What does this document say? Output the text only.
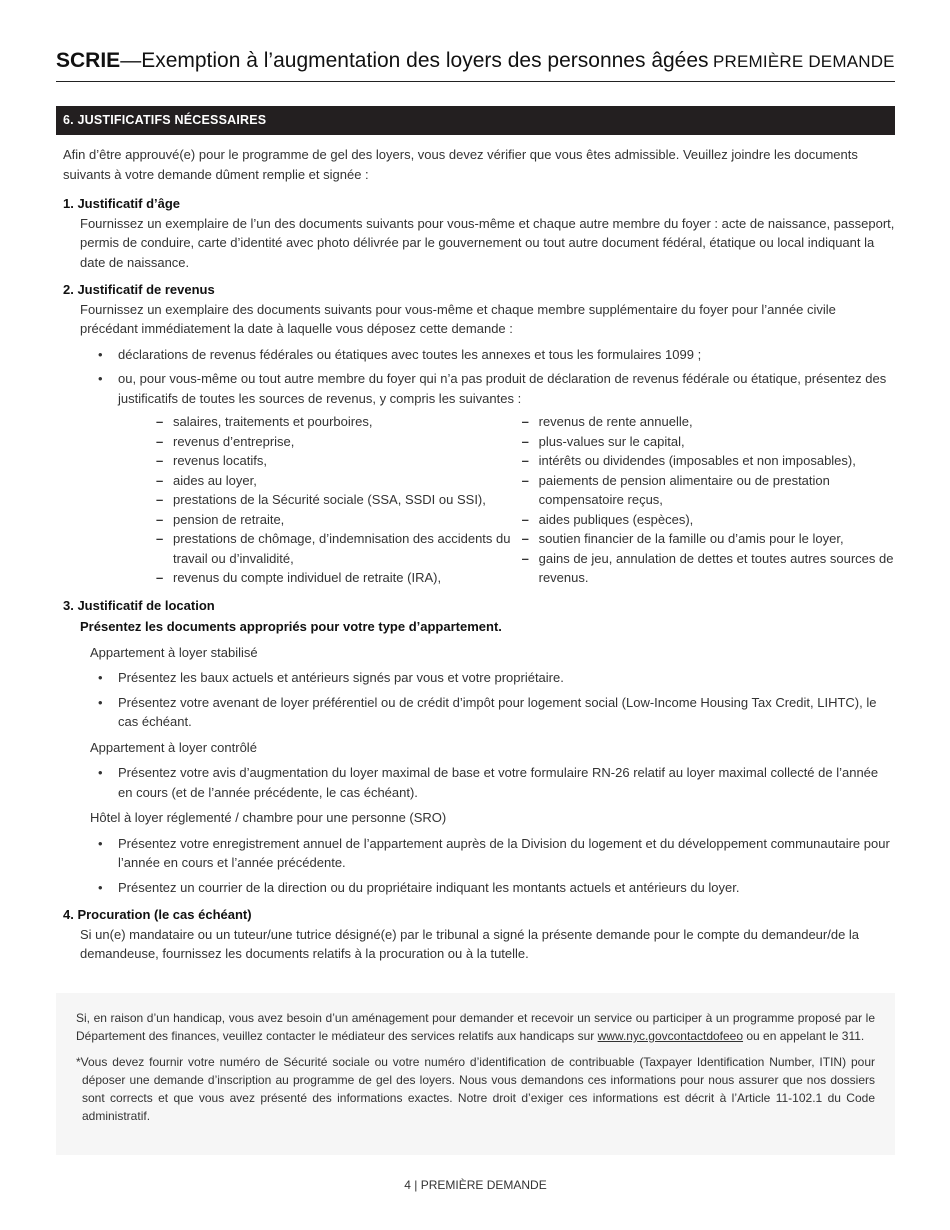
SCRIE—Exemption à l’augmentation des loyers des personnes âgées PREMIÈRE DEMANDE
6. JUSTIFICATIFS NÉCESSAIRES

Afin d’être approuvé(e) pour le programme de gel des loyers, vous devez vérifier que vous êtes admissible. Veuillez joindre les documents suivants à votre demande dûment remplie et signée :

1. Justificatif d’âge

Fournissez un exemplaire de l’un des documents suivants pour vous-même et chaque autre membre du foyer : acte de naissance, passeport, permis de conduire, carte d’identité avec photo délivrée par le gouvernement ou tout autre document fédéral, étatique ou local indiquant la date de naissance.

2. Justificatif de revenus

Fournissez un exemplaire des documents suivants pour vous-même et chaque membre supplémentaire du foyer pour l’année civile précédant immédiatement la date à laquelle vous déposez cette demande :

• déclarations de revenus fédérales ou étatiques avec toutes les annexes et tous les formulaires 1099 ;
• ou, pour vous-même ou tout autre membre du foyer qui n’a pas produit de déclaration de revenus fédérale ou étatique, présentez des justificatifs de toutes les sources de revenus, y compris les suivantes :
– salaires, traitements et pourboires,
– revenus d’entreprise,
– revenus locatifs,
– aides au loyer,
– prestations de la Sécurité sociale (SSA, SSDI ou SSI),
– pension de retraite,
– prestations de chômage, d’indemnisation des accidents du travail ou d’invalidité,
– revenus du compte individuel de retraite (IRA),
– revenus de rente annuelle,
– plus-values sur le capital,
– intérêts ou dividendes (imposables et non imposables),
– paiements de pension alimentaire ou de prestation compensatoire reçus,
– aides publiques (espèces),
– soutien financier de la famille ou d’amis pour le loyer,
– gains de jeu, annulation de dettes et toutes autres sources de revenus.

3. Justificatif de location

Présentez les documents appropriés pour votre type d’appartement.

Appartement à loyer stabilisé

• Présentez les baux actuels et antérieurs signés par vous et votre propriétaire.
• Présentez votre avenant de loyer préférentiel ou de crédit d’impôt pour logement social (Low-Income Housing Tax Credit, LIHTC), le cas échéant.

Appartement à loyer contrôlé

• Présentez votre avis d’augmentation du loyer maximal de base et votre formulaire RN-26 relatif au loyer maximal collecté de l’année en cours (et de l’année précédente, le cas échéant).

Hôtel à loyer réglementé / chambre pour une personne (SRO)

• Présentez votre enregistrement annuel de l’appartement auprès de la Division du logement et du développement communautaire pour l’année en cours et l’année précédente.
• Présentez un courrier de la direction ou du propriétaire indiquant les montants actuels et antérieurs du loyer.

4. Procuration (le cas échéant)

Si un(e) mandataire ou un tuteur/une tutrice désigné(e) par le tribunal a signé la présente demande pour le compte du demandeur/de la demandeuse, fournissez les documents relatifs à la procuration ou à la tutelle.

Si, en raison d’un handicap, vous avez besoin d’un aménagement pour demander et recevoir un service ou participer à un programme proposé par le Département des finances, veuillez contacter le médiateur des services relatifs aux handicaps sur www.nyc.govcontactdofeeo ou en appelant le 311.

*Vous devez fournir votre numéro de Sécurité sociale ou votre numéro d’identification de contribuable (Taxpayer Identification Number, ITIN) pour déposer une demande d’inscription au programme de gel des loyers. Nous vous demandons ces informations pour nous assurer que nos dossiers sont corrects et que vous avez présenté des informations exactes. Notre droit d’exiger ces informations est décrit à l’Article 11-102.1 du Code administratif.

4 | PREMIÈRE DEMANDE
